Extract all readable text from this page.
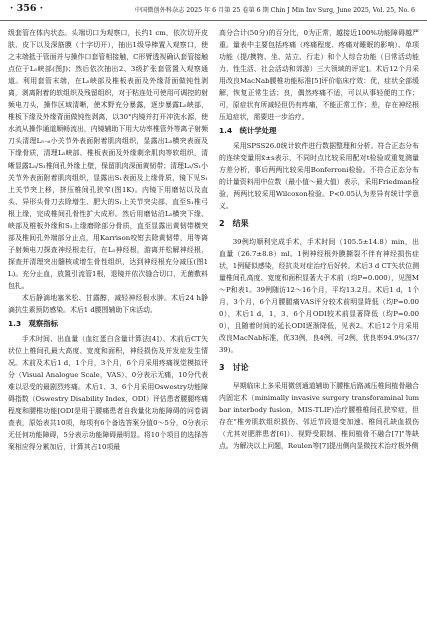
· 356 ·	中国微创外科杂志 2025 年 6 月第 25 卷第 6 期 Chin J Min Inv Surg, June 2025, Vol. 25, No. 6

级套管在体内状态。头端切口为观察口，长约1 cm，依次切开皮肤、皮下以及深筋膜（十字切开），抽出1级导棒置入观察口，使之末端抵于管面并与操作口套管相接触，C形臂透视确认套管接触点位于L₅峡部(图J)；然后依次抽出2、3级扩张套管置入观察通道。利用套管末端，在L₅峡部及椎板表面及外缘背面做钝性剥离，剥离附着的软组织及残留组织，对于粘连处可使用可调控的射频电刀头，操作区域清晰，使术野充分暴露，逐步暴露L₅峡部，椎板下缘及外缘背面做钝性剥离，以30°内镜并打开冲洗水源，使水流从操作通道顺畅流出，内镜辅助下用大功率椎管外等离子射频刀头清理L₅₋₆小关节外表面附着肌肉组织，显露出L₅横突表面及下缘骨质，清理L₅峡部、椎板表面及外缘剩余肌肉等软组织，清晰显露L₅/S₁椎间孔外缘上壁，保留肌肉深面黄韧带；清理L₅/S₁小关节外表面附着肌肉组织，显露出S₁表面及上缘骨质，镜下见S₁上关节突上移，挤压椎间孔狭窄(图1K)。内镜下用磨钻以及直头、异形头骨刀去除增生、肥大的S₁上关节突尖部，直至S₁椎弓根上缘，完成椎间孔骨性扩大成形。然后用磨钻沿L₅横突下缘、峡部及椎板外缘和S₁上缘磨除部分骨质，直至显露出黄韧带横突部及椎间孔外端部分止点，用Karrison咬钳去除黄韧带，用等离子射频电刀探查神经根走行，在L₅神经根，游离并松解神经根，探查并清理突出髓核或增生骨性组织，达到神经根充分减压(图1L)。充分止血，放置引流管1根，退镜并依次缝合切口，无菌敷料包扎。

术后静滴地塞米松、甘露醇，减轻神经根水肿。术后24 h静滴抗生素预防感染。术后1 d腰围辅助下床活动。

1.3　观察指标

手术时间、出血量（血红蛋白含量计算法[4]）、术前后CT矢状位上椎间孔最大高度、宽度和面积，神经损伤及并发症发生情况。术前及术后1 d，1个月，3个月，6个月采用疼痛视觉模拟评分（Visual Analogue Scale，VAS）、0分表示无痛，10分代表难以忍受的最剧烈疼痛。术后1、3、6个月采用Oswestry功能障碍指数（Oswestry Disability Index，ODI）评估患者腰腿疼痛程度和腰椎功能[ODI是用于腰痛患者自我量化功能障碍的问卷调查表，原始表共10项，每项有6个备选答案分值0～5分，0分表示无任何功能障碍，5分表示功能障碍最明显。将10个项目的选择答案相应得分累加后，计算其占10项最

高分合计(50分)的百分比，0为正常，越接近100%功能障碍越严重。量表中主要包括疼痛（疼痛程度、疼痛对睡眠的影响）、单项功能（提/携物、坐、站立、行走）和个人综合功能（日常活动能力、性生活、社会活动和郊游）三大领域的评定]。术后12个月采用改良MacNab腰椎功能标准[5]评价临床疗效：优，症状全部缓解，恢复正常生活；良，偶然疼痛不适，可以从事轻便的工作；可，原症状有所减轻但仍有疼痛，不能正常工作；差，存在神经根压迫症状，需要进一步治疗。

1.4　统计学处理

采用SPSS26.0统计软件进行数据整理和分析。符合正态分布的连续变量用x̄±s表示，不同时点比较采用配对t检验或重复测量方差分析，事后两两比较采用Bonferroni检验。不符合正态分布的计量资料用中位数（最小值～最大值）表示，采用Friedman检验，两两比较采用Wilcoxon检验。P<0.05认为差异有统计学意义。

2　结果

39例均顺利完成手术，手术时间（105.5±14.8）min，出血量（26.7±8.8）ml。1例神经根外膜撕裂不伴有神经损伤症状，1例疑似感染，经抗炎对症治疗后好转。术后3 d CT矢状位测量椎间孔高度、宽度和面积显著大于术前（均P=0.000），见图M～P和表1。39例随访12～16个月，平均13.2月。术后1 d，1个月，3个月，6个月腰腿痛VAS评分较术前明显降低（均P=0.000），术后1 d，1，3，6个月ODI较术前显著降低（均P=0.000），且随着时间的延长ODI逐渐降低，见表2。术后12个月采用改良MacNab标准，优33例，良4例，可2例，优良率94.9%(37/39)。

3　讨论

早期临床上多采用微创通道辅助下腰椎后路减压椎间植骨融合内固定术（minimally invasive surgery transforaminal lumbar interbody fusion，MIS-TLIF)治疗腰椎椎间孔狭窄症，但存在"椎旁肌软组织损伤、邻近节段退变加速、椎间孔缺血损伤（尤其对肥胖患者[6]）、视野受限制、椎间植骨不融合[7]"等缺点。为解决以上问题，Reulen等[7]提出侧向显微技术治疗极外侧
